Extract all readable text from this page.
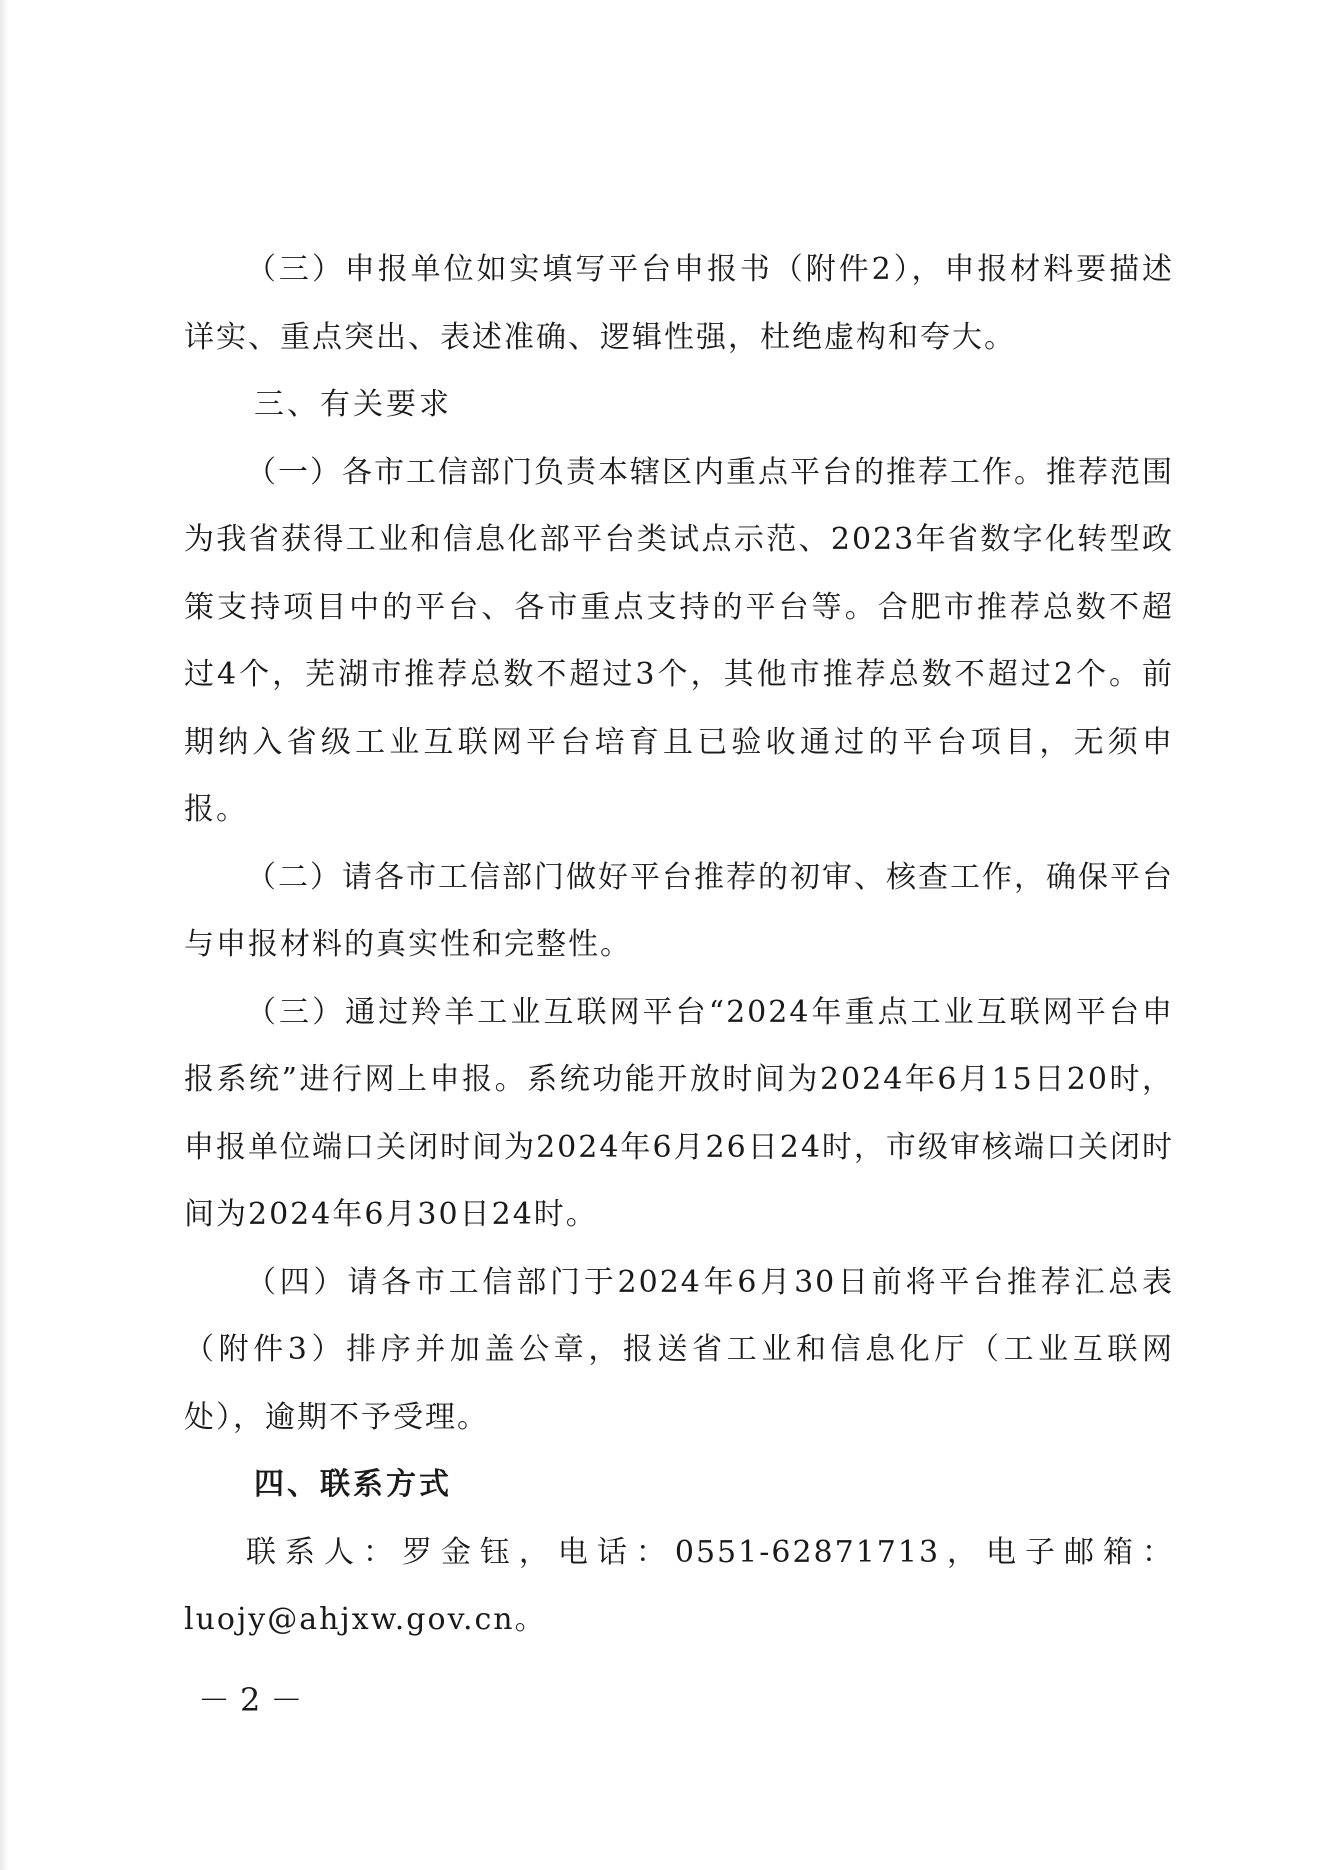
（三）申报单位如实填写平台申报书（附件2），申报材料要描述详实、重点突出、表述准确、逻辑性强，杜绝虚构和夸大。

三、有关要求

（一）各市工信部门负责本辖区内重点平台的推荐工作。推荐范围为我省获得工业和信息化部平台类试点示范、2023年省数字化转型政策支持项目中的平台、各市重点支持的平台等。合肥市推荐总数不超过4个，芜湖市推荐总数不超过3个，其他市推荐总数不超过2个。前期纳入省级工业互联网平台培育且已验收通过的平台项目，无须申报。

（二）请各市工信部门做好平台推荐的初审、核查工作，确保平台与申报材料的真实性和完整性。

（三）通过羚羊工业互联网平台“2024年重点工业互联网平台申报系统”进行网上申报。系统功能开放时间为2024年6月15日20时，申报单位端口关闭时间为2024年6月26日24时，市级审核端口关闭时间为2024年6月30日24时。

（四）请各市工信部门于2024年6月30日前将平台推荐汇总表（附件3）排序并加盖公章，报送省工业和信息化厅（工业互联网处），逾期不予受理。

四、联系方式

联系人：罗金钰，电话：0551-62871713，电子邮箱：luojy@ahjxw.gov.cn。

－2－
